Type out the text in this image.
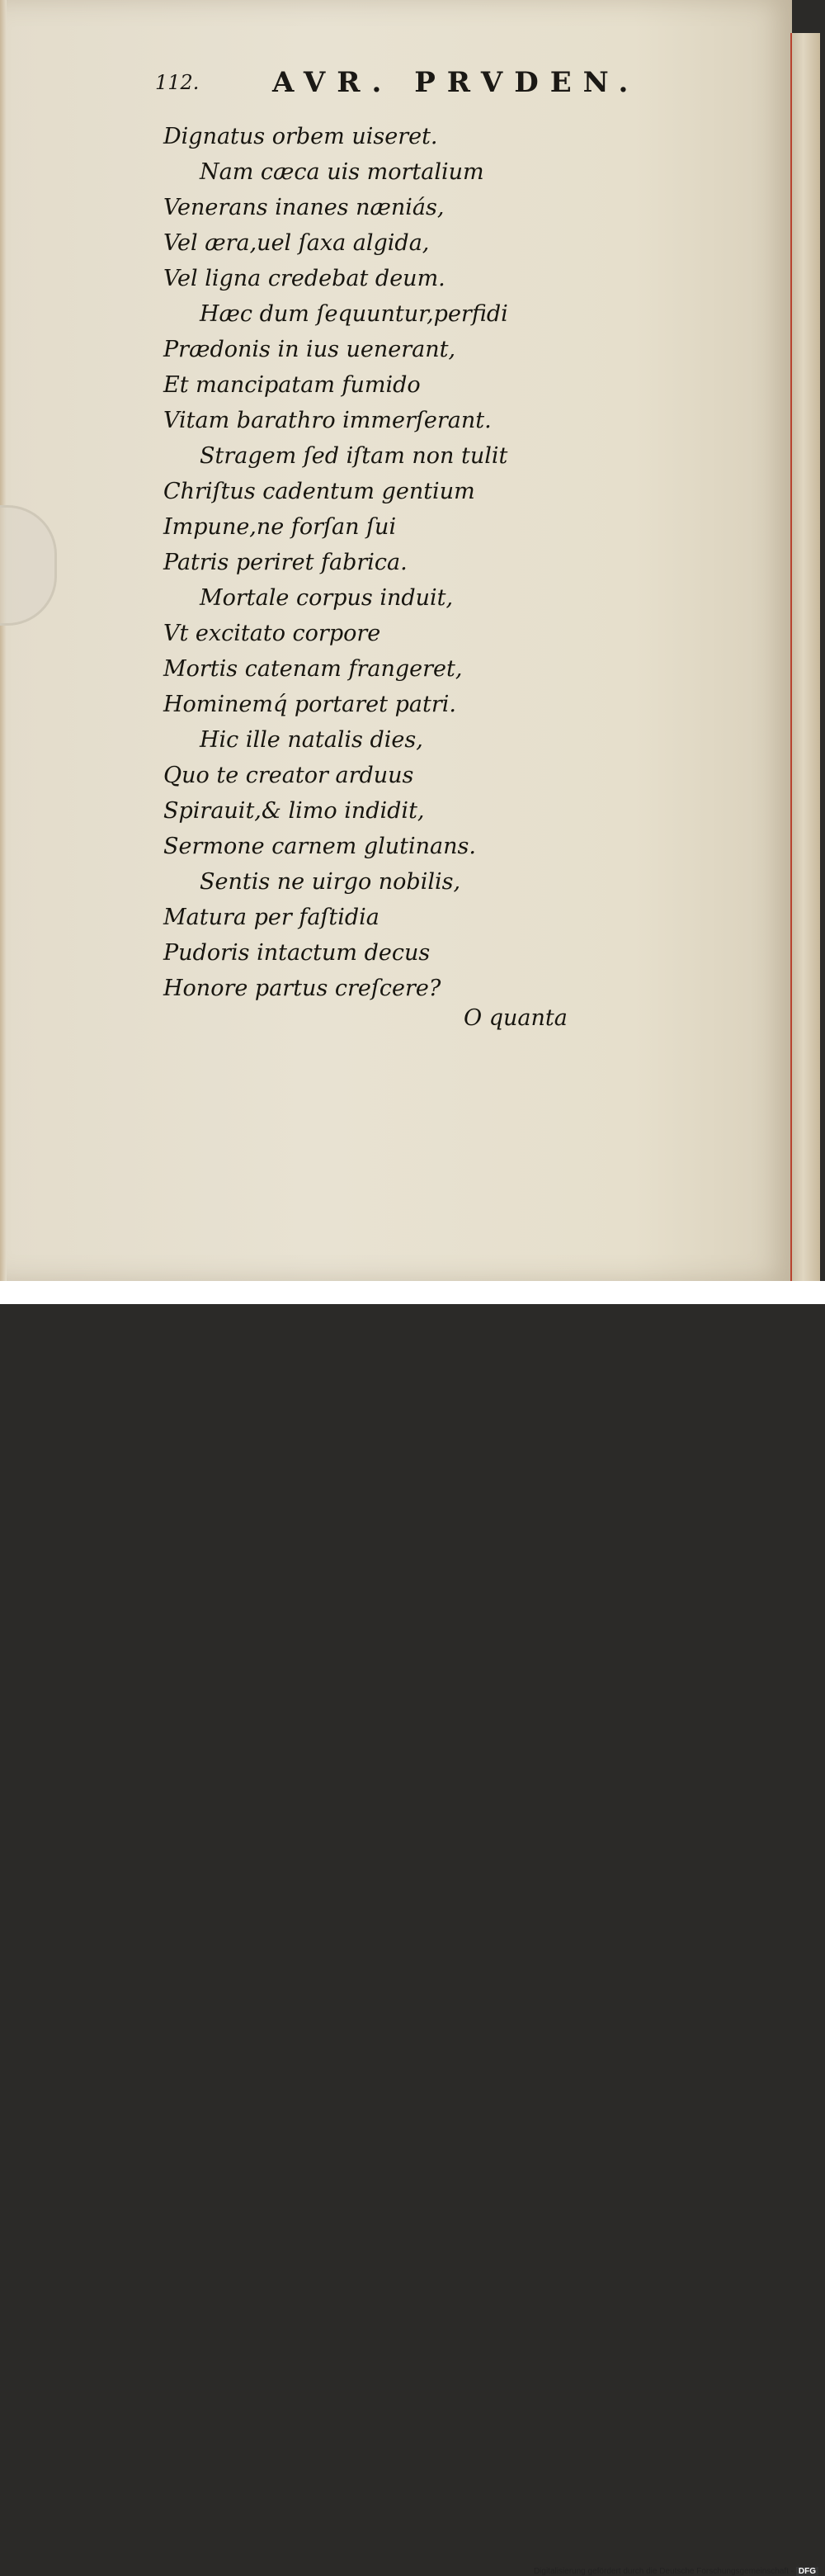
112.	AVR. PRVDEN.
Dignatus orbem uiseret.
Nam cæca uis mortalium
Venerans inanes næniás,
Vel æra,uel ſaxa algida,
Vel ligna credebat deum.
Hæc dum ſequuntur,perfidi
Prædonis in ius uenerant,
Et mancipatam fumido
Vitam barathro immerſerant.
Stragem ſed iſtam non tulit
Chriſtus cadentum gentium
Impune,ne forſan ſui
Patris periret fabrica.
Mortale corpus induit,
Vt excitato corpore
Mortis catenam frangeret,
Hominemq́ portaret patri.
Hic ille natalis dies,
Quo te creator arduus
Spirauit,& limo indidit,
Sermone carnem glutinans.
Sentis ne uirgo nobilis,
Matura per faſtidia
Pudoris intactum decus
Honore partus creſcere?
O quanta
Digitalisierung gefördert durch die Deutsche Forschungsgemeinschaft - DFG
